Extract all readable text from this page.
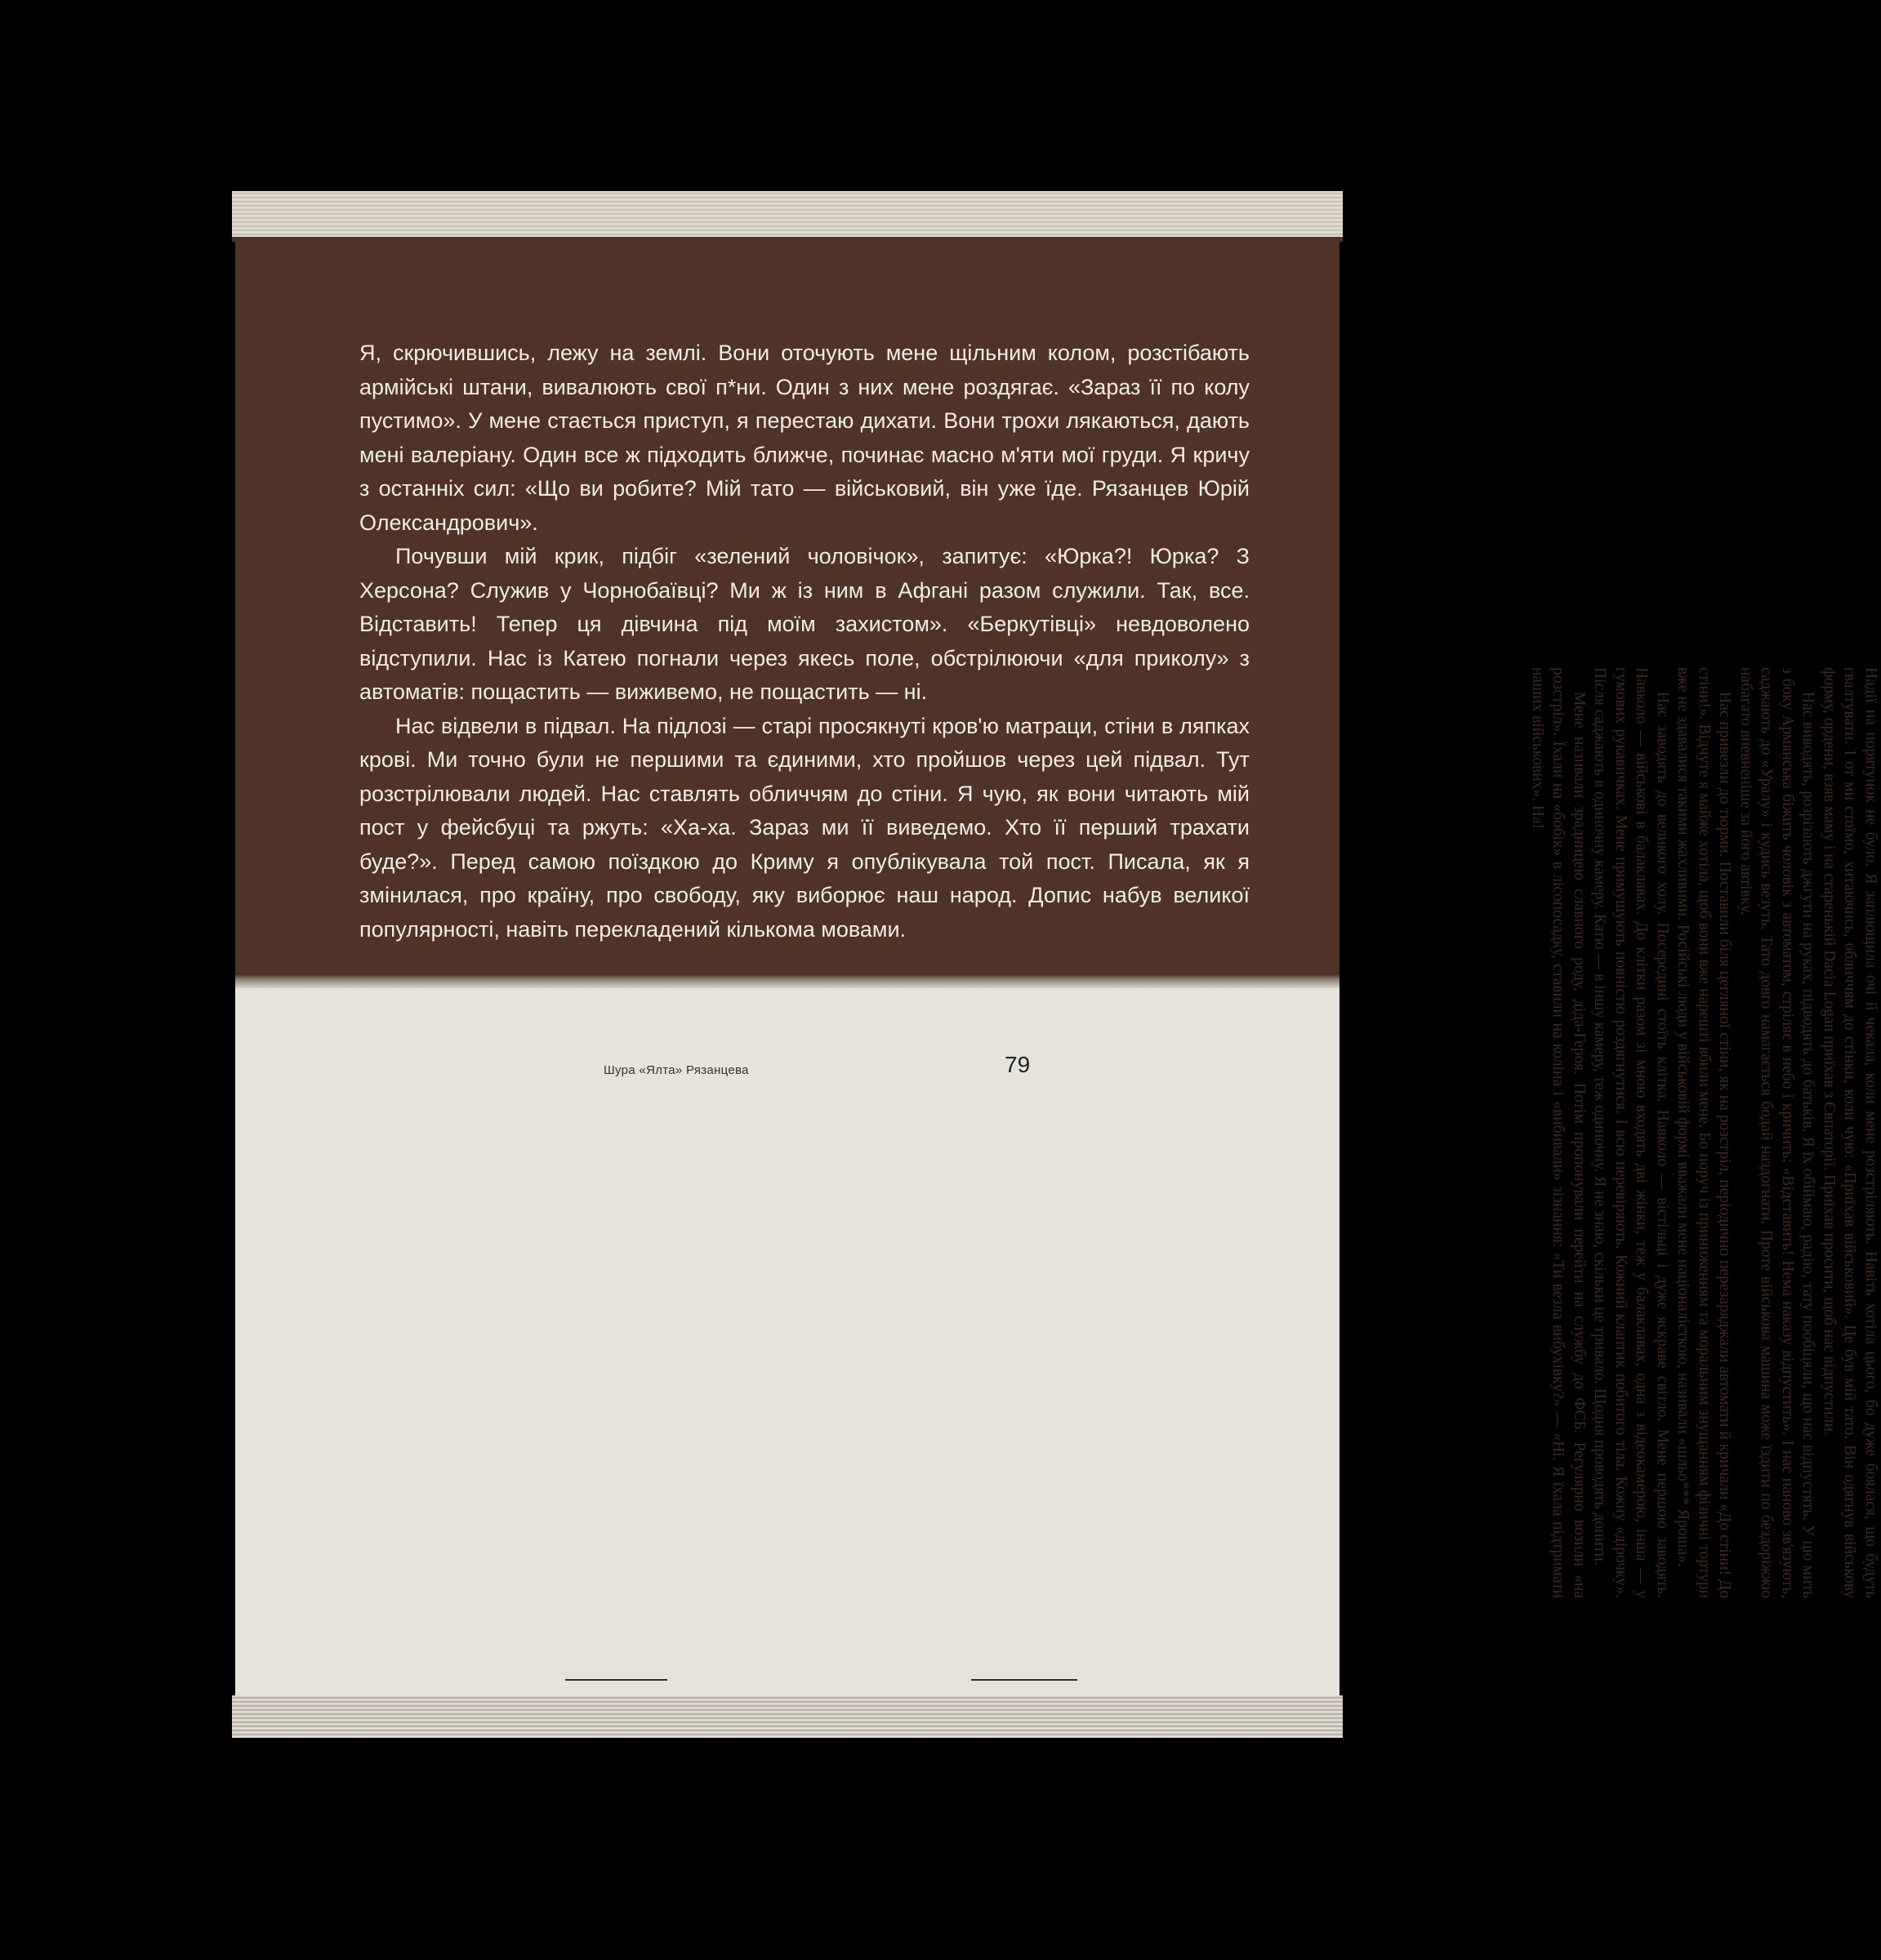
Я, скрючившись, лежу на землі. Вони оточують мене щільним колом, розстібають армійські штани, вивалюють свої п*ни. Один з них мене роздягає. «Зараз її по колу пустимо». У мене стається приступ, я перестаю дихати. Вони трохи лякаються, дають мені валеріану. Один все ж підходить ближче, починає масно м'яти мої груди. Я кричу з останніх сил: «Що ви робите? Мій тато — військовий, він уже їде. Рязанцев Юрій Олександрович».

Почувши мій крик, підбіг «зелений чоловічок», запитує: «Юрка?! Юрка? З Херсона? Служив у Чорнобаївці? Ми ж із ним в Афгані разом служили. Так, все. Відставить! Тепер ця дівчина під моїм захистом». «Беркутівці» невдоволено відступили. Нас із Катею погнали через якесь поле, обстрілюючи «для приколу» з автоматів: пощастить — виживемо, не пощастить — ні.

Нас відвели в підвал. На підлозі — старі просякнуті кров'ю матраци, стіни в ляпках крові. Ми точно були не першими та єдиними, хто пройшов через цей підвал. Тут розстрілювали людей. Нас ставлять обличчям до стіни. Я чую, як вони читають мій пост у фейсбуці та ржуть: «Ха-ха. Зараз ми її виведемо. Хто її перший трахати буде?». Перед самою поїздкою до Криму я опублікувала той пост. Писала, як я змінилася, про країну, про свободу, яку виборює наш народ. Допис набув великої популярності, навіть перекладений кількома мовами.

Шура «Ялта» Рязанцева	79	Надії на порятунок не було. Я заплющила очі й чекала, коли мене розстріляють. Навіть хотіла цього, бо дуже боялася, що будуть гвалтувати. І от ми стоїмо, хитаючись, обличчям до стінки, коли чую: «Приїхав військовий». Це був мій тато. Він одягнув військову форму, ордени, взяв маму і на старенькій Dacia Logan приїхав з Євпаторії. Приїхав просити, щоб нас відпустили.

Нас виводять, розрізають джгути на руках, підводять до батьків. Я їх обіймаю, радію, тату пообіцяли, що нас відпустять. У цю мить з боку Армянська біжить чоловік з автоматом, стріляє в небо і кричить: «Відставить! Нема наказу відпустить». І нас наново зв'язують, саджають до «Уралу» і кудись везуть. Тато довго намагається бодай наздогнати. Проте військова машина може їздити по бездоріжжю набагато впевненіше за його автівку.

Нас привезли до тюрми. Поставили біля цегляної стіни, як на розстріл, періодично перезаряджали автомати й кричали «До стіни! До стіни!». Відчуте я майже хотіла, щоб вони вже нарешті вбили мене. Бо поруч із приниженням та моральним знущанням фізичні тортури вже не здавалися такими жахливими. Російські люди у військовій формі вважали мене націоналісткою, називали «шльо*** Ярошa».

Нас заводять до великого холу. Посередині стоїть клітка. Навколо — вістільці і дуже яскраве світло. Мене першою заводять. Навколо — військові в балаклавах. До клітки разом зі мною входять дві жінки, теж у балаклавах, одна з відеокамерою, інша — у гумових рукавичках. Мене примушують повністю роздягнутися. І всю перевіряють. Кожний клаптик побитого тіла. Кожну «дірочку». Після саджають в одиночну камеру. Катю — в іншу камеру, теж одиночну. Я не знаю, скільки це тривало. Щодня проводять допити.

Мене називали зрадницею славного роду, діда-Героя. Потім пропонували перейти на службу до ФСБ. Регулярно возили «на розстріл». Їхали на «бобік» в лісопосадку, ставили на коліна і «вибивали» зізнання: «Ти везла вибухівку?» — «Ні. Я їхала підтримати наших військових». На!
